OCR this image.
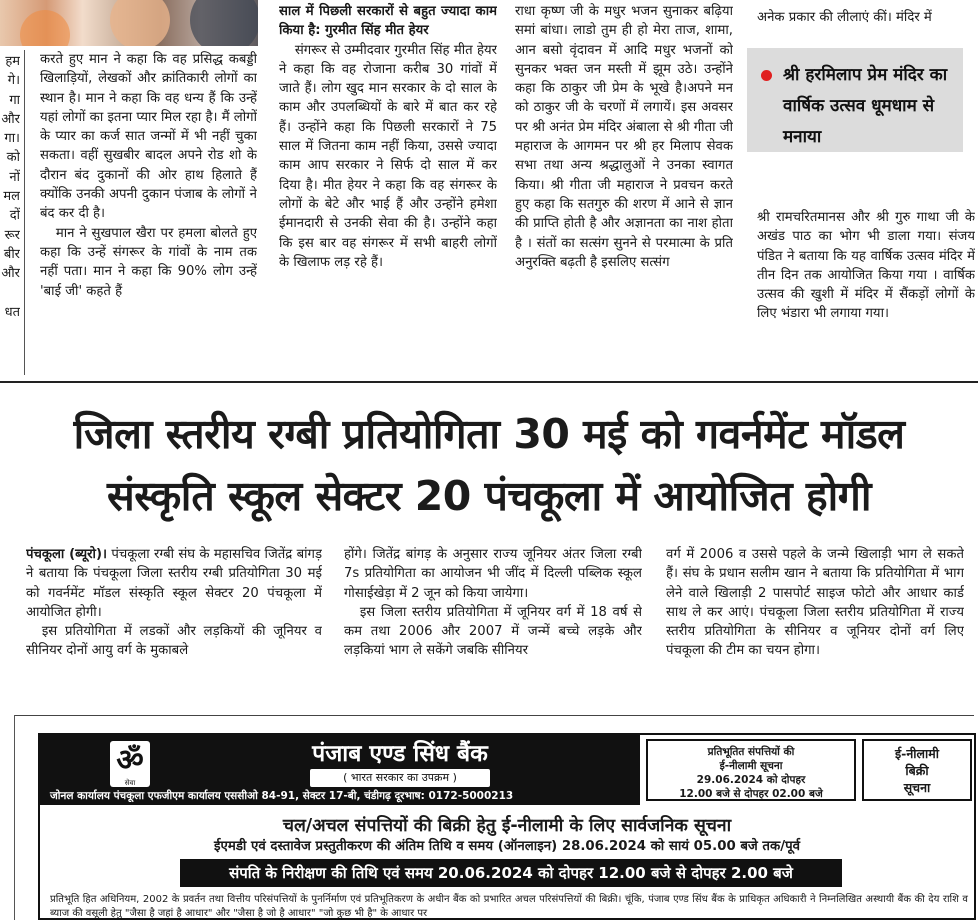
हम
गे।
गा
और
गा।
को
नों
मल
दों
रूर
बीर
और

धत

करते हुए मान ने कहा कि वह प्रसिद्ध कबड्डी खिलाड़ियों, लेखकों और क्रांतिकारी लोगों का स्थान है। मान ने कहा कि वह धन्य हैं कि उन्हें यहां लोगों का इतना प्यार मिल रहा है। मैं लोगों के प्यार का कर्ज सात जन्मों में भी नहीं चुका सकता। वहीं सुखबीर बादल अपने रोड शो के दौरान बंद दुकानों की ओर हाथ हिलाते हैं क्योंकि उनकी अपनी दुकान पंजाब के लोगों ने बंद कर दी है।

मान ने सुखपाल खैरा पर हमला बोलते हुए कहा कि उन्हें संगरूर के गांवों के नाम तक नहीं पता। मान ने कहा कि 90% लोग उन्हें 'बाई जी' कहते हैं

साल में पिछली सरकारों से बहुत ज्यादा काम किया है: गुरमीत सिंह मीत हेयर

संगरूर से उम्मीदवार गुरमीत सिंह मीत हेयर ने कहा कि वह रोजाना करीब 30 गांवों में जाते हैं। लोग खुद मान सरकार के दो साल के काम और उपलब्धियों के बारे में बात कर रहे हैं। उन्होंने कहा कि पिछली सरकारों ने 75 साल में जितना काम नहीं किया, उससे ज्यादा काम आप सरकार ने सिर्फ दो साल में कर दिया है। मीत हेयर ने कहा कि वह संगरूर के लोगों के बेटे और भाई हैं और उन्होंने हमेशा ईमानदारी से उनकी सेवा की है। उन्होंने कहा कि इस बार वह संगरूर में सभी बाहरी लोगों के खिलाफ लड़ रहे हैं।

राधा कृष्ण जी के मधुर भजन सुनाकर बढ़िया समां बांधा। लाडो तुम ही हो मेरा ताज, शामा, आन बसो वृंदावन में आदि मधुर भजनों को सुनकर भक्त जन मस्ती में झूम उठे। उन्होंने कहा कि ठाकुर जी प्रेम के भूखे है।अपने मन को ठाकुर जी के चरणों में लगायें। इस अवसर पर श्री अनंत प्रेम मंदिर अंबाला से श्री गीता जी महाराज के आगमन पर श्री हर मिलाप सेवक सभा तथा अन्य श्रद्धालुओं ने उनका स्वागत किया। श्री गीता जी महाराज ने प्रवचन करते हुए कहा कि सतगुरु की शरण में आने से ज्ञान की प्राप्ति होती है और अज्ञानता का नाश होता है । संतों का सत्संग सुनने से परमात्मा के प्रति अनुरक्ति बढ़ती है इसलिए सत्संग

अनेक प्रकार की लीलाएं कीं। मंदिर में

श्री हरमिलाप प्रेम मंदिर का वार्षिक उत्सव धूमधाम से मनाया

श्री रामचरितमानस और श्री गुरु गाथा जी के अखंड पाठ का भोग भी डाला गया। संजय पंडित ने बताया कि यह वार्षिक उत्सव मंदिर में तीन दिन तक आयोजित किया गया । वार्षिक उत्सव की खुशी में मंदिर में सैंकड़ों लोगों के लिए भंडारा भी लगाया गया।

जिला स्तरीय रग्बी प्रतियोगिता 30 मई को गवर्नमेंट मॉडल
संस्कृति स्कूल सेक्टर 20 पंचकूला में आयोजित होगी

पंचकूला (ब्यूरो)। पंचकूला रग्बी संघ के महासचिव जितेंद्र बांगड़ ने बताया कि पंचकूला जिला स्तरीय रग्बी प्रतियोगिता 30 मई को गवर्नमेंट मॉडल संस्कृति स्कूल सेक्टर 20 पंचकूला में आयोजित होगी।

इस प्रतियोगिता में लडकों और लड़कियों की जूनियर व सीनियर दोनों आयु वर्ग के मुकाबले

होंगे। जितेंद्र बांगड़ के अनुसार राज्य जूनियर अंतर जिला रग्बी 7s प्रतियोगिता का आयोजन भी जींद में दिल्ली पब्लिक स्कूल गोसाईखेड़ा में 2 जून को किया जायेगा।

इस जिला स्तरीय प्रतियोगिता में जूनियर वर्ग में 18 वर्ष से कम तथा 2006 और 2007 में जन्में बच्चे लड़के और लड़कियां भाग ले सकेंगे जबकि सीनियर

वर्ग में 2006 व उससे पहले के जन्मे खिलाड़ी भाग ले सकते हैं। संघ के प्रधान सलीम खान ने बताया कि प्रतियोगिता में भाग लेने वाले खिलाड़ी 2 पासपोर्ट साइज फोटो और आधार कार्ड साथ ले कर आएं। पंचकूला जिला स्तरीय प्रतियोगिता में राज्य स्तरीय प्रतियोगिता के सीनियर व जूनियर दोनों वर्ग लिए पंचकूला की टीम का चयन होगा।

ॐ
सेवा
पंजाब एण्ड सिंध बैंक
( भारत सरकार का उपक्रम )
जोनल कार्यालय पंचकूला एफजीएम कार्यालय एससीओ 84-91, सेक्टर 17-बी, चंडीगढ़ दूरभाष: 0172-5000213
प्रतिभूतित संपत्तियों की
ई-नीलामी सूचना
29.06.2024 को दोपहर
12.00 बजे से दोपहर 02.00 बजे
ई-नीलामी
बिक्री
सूचना
चल/अचल संपत्तियों की बिक्री हेतु ई-नीलामी के लिए सार्वजनिक सूचना
ईएमडी एवं दस्तावेज प्रस्तुतीकरण की अंतिम तिथि व समय (ऑनलाइन) 28.06.2024 को सायं 05.00 बजे तक/पूर्व
संपति के निरीक्षण की तिथि एवं समय 20.06.2024 को दोपहर 12.00 बजे से दोपहर 2.00 बजे
प्रतिभूति हित अधिनियम, 2002 के प्रवर्तन तथा वित्तीय परिसंपत्तियों के पुनर्निर्माण एवं प्रतिभूतिकरण के अधीन बैंक को प्रभारित अचल परिसंपत्तियों की बिक्री। चूंकि, पंजाब एण्ड सिंध बैंक के प्राधिकृत अधिकारी ने निम्नलिखित अस्थायी बैंक की देय राशि व ब्याज की वसूली हेतु "जैसा है जहां है आधार" और "जैसा है जो है आधार" "जो कुछ भी है" के आधार पर
